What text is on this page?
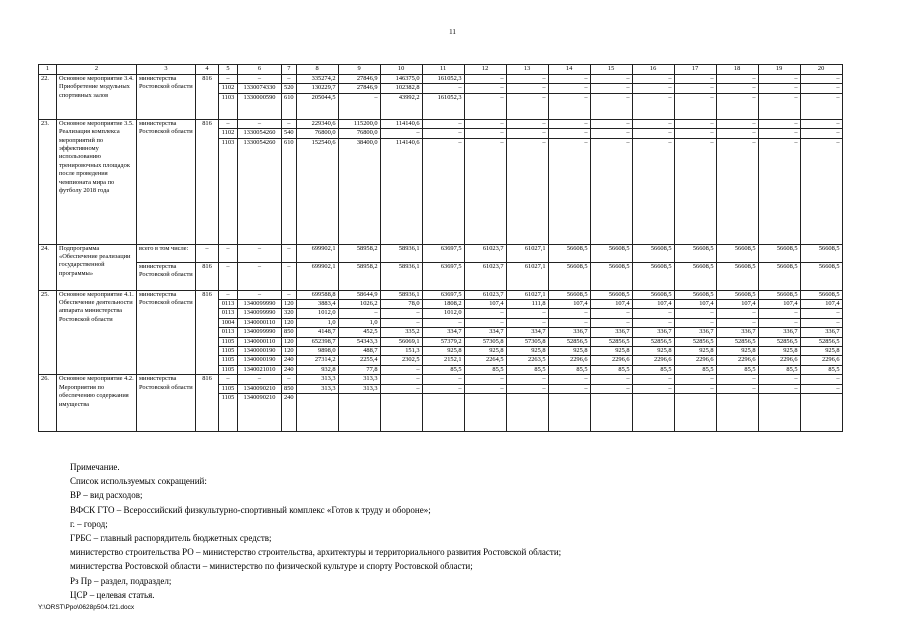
11
1	2	3	4	5	6	7	8	9	10	11	12	13	14	15	16	17	18	19	20
22.	Основное мероприятие 3.4. Приобретение модульных спортивных залов	министерства Ростовской области	816	–	–	–	335274,2	27846,9	146375,0	161052,3	–	–	–	–	–	–	–	–	–
				1102	1330074330	520	130229,7	27846,9	102382,8	–	–	–	–	–	–	–	–	–	–
				1103	1330000590	610	205044,5	–	43992,2	161052,3	–	–	–	–	–	–	–	–	–
23.	Основное мероприятие 3.5. Реализация комплекса мероприятий по эффективному использованию тренировочных площадок после проведения чемпионата мира по футболу 2018 года	министерства Ростовской области	816	–	–	–	229340,6	115200,0	114140,6	–	–	–	–	–	–	–	–	–	–
				1102	1330054260	540	76800,0	76800,0	–	–	–	–	–	–	–	–	–	–	–
				1103	1330054260	610	152540,6	38400,0	114140,6	–	–	–	–	–	–	–	–	–	–
24.	Подпрограмма «Обеспечение реализации государственной программы»	всего в том числе:	–	–	–	–	699902,1	58958,2	58936,1	63697,5	61023,7	61027,1	56608,5	56608,5	56608,5	56608,5	56608,5	56608,5	56608,5
		министерства Ростовской области	816	–	–	–	699902,1	58958,2	58936,1	63697,5	61023,7	61027,1	56608,5	56608,5	56608,5	56608,5	56608,5	56608,5	56608,5
25.	Основное мероприятие 4.1. Обеспечение деятельности аппарата министерства Ростовской области	министерства Ростовской области	816	–	–	–	699588,8	58644,9	58936,1	63697,5	61023,7	61027,1	56608,5	56608,5	56608,5	56608,5	56608,5	56608,5	56608,5
				0113	1340099990	120	3883,4	1026,2	78,0	1808,2	107,4	111,8	107,4	107,4	107,4	107,4	107,4	107,4	107,4
				0113	1340099990	320	1012,0	–	–	1012,0	–	–	–	–	–	–	–	–	–
				1004	1340000110	120	1,0	1,0	–	–	–	–	–	–	–	–	–	–	–
				0113	1340099990	850	4148,7	452,5	335,2	334,7	334,7	334,7	336,7	336,7	336,7	336,7	336,7	336,7	336,7
				1105	1340000110	120	652398,7	54343,3	56069,1	57379,2	57305,8	57305,8	52856,5	52856,5	52856,5	52856,5	52856,5	52856,5	52856,5
				1105	1340000190	120	9898,0	488,7	151,3	925,8	925,8	925,8	925,8	925,8	925,8	925,8	925,8	925,8	925,8
				1105	1340000190	240	27314,2	2255,4	2302,5	2152,1	2264,5	2263,5	2296,6	2296,6	2296,6	2296,6	2296,6	2296,6	2296,6
				1105	1340021010	240	932,8	77,8	–	85,5	85,5	85,5	85,5	85,5	85,5	85,5	85,5	85,5	85,5
26.	Основное мероприятие 4.2. Мероприятия по обеспечению содержания имущества	министерства Ростовской области	816	–	–	–	313,3	313,3	–	–	–	–	–	–	–	–	–	–	–
				1105	1340090210	850	313,3	313,3	–	–	–	–	–	–	–	–	–	–	–
				1105	1340090210	240													
Примечание.
Список используемых сокращений:
ВР – вид расходов;
ВФСК ГТО – Всероссийский физкультурно-спортивный комплекс «Готов к труду и обороне»;
г. – город;
ГРБС – главный распорядитель бюджетных средств;
министерство строительства РО – министерство строительства, архитектуры и территориального развития Ростовской области;
министерства Ростовской области – министерство по физической культуре и спорту Ростовской области;
Рз Пр – раздел, подраздел;
ЦСР – целевая статья.
Y:\ORST\Ppo\0628p504.f21.docx
